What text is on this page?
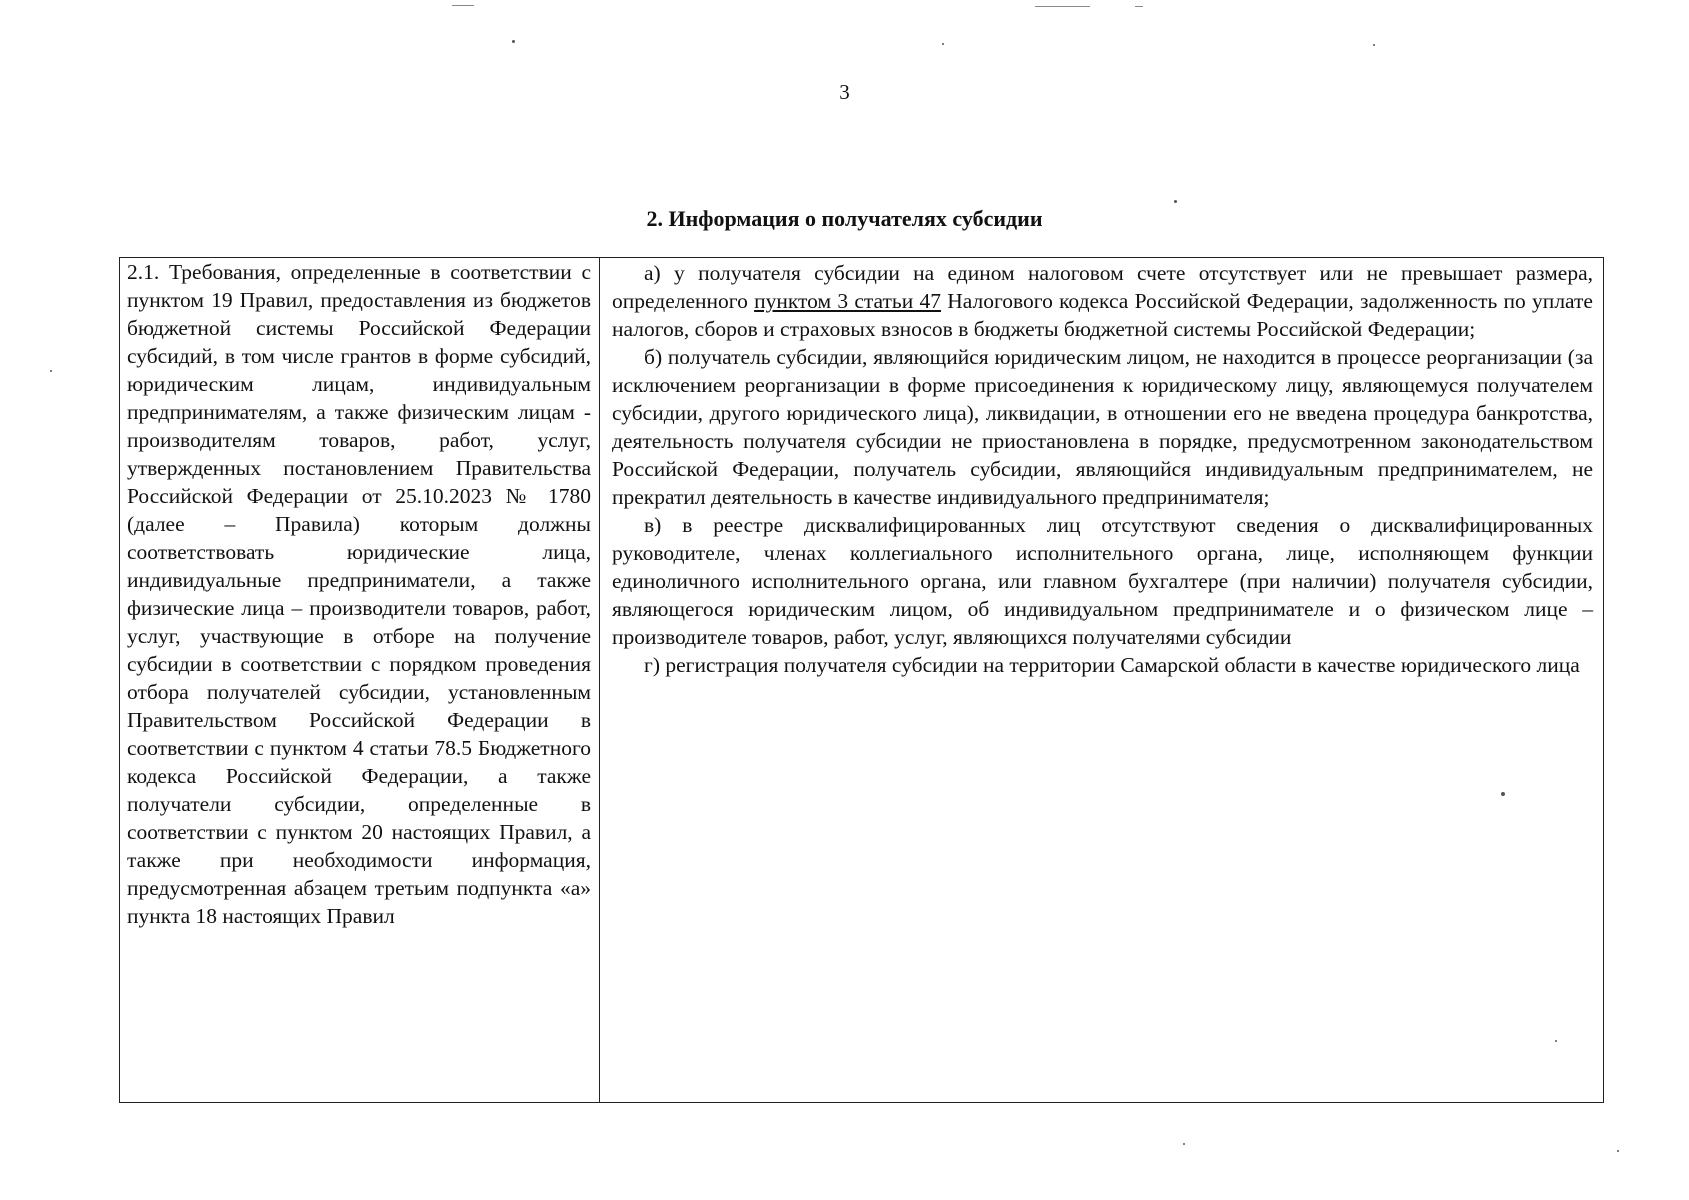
3
2. Информация о получателях субсидии

2.1. Требования, определенные в соответствии с пунктом 19 Правил, предоставления из бюджетов бюджетной системы Российской Федерации субсидий, в том числе грантов в форме субсидий, юридическим лицам, индивидуальным предпринимателям, а также физическим лицам - производителям товаров, работ, услуг, утвержденных постановлением Правительства Российской Федерации от 25.10.2023 № 1780 (далее – Правила) которым должны соответствовать юридические лица, индивидуальные предприниматели, а также физические лица – производители товаров, работ, услуг, участвующие в отборе на получение субсидии в соответствии с порядком проведения отбора получателей субсидии, установленным Правительством Российской Федерации в соответствии с пунктом 4 статьи 78.5 Бюджетного кодекса Российской Федерации, а также получатели субсидии, определенные в соответствии с пунктом 20 настоящих Правил, а также при необходимости информация, предусмотренная абзацем третьим подпункта «а» пункта 18 настоящих Правил

а) у получателя субсидии на едином налоговом счете отсутствует или не превышает размера, определенного пунктом 3 статьи 47 Налогового кодекса Российской Федерации, задолженность по уплате налогов, сборов и страховых взносов в бюджеты бюджетной системы Российской Федерации;

б) получатель субсидии, являющийся юридическим лицом, не находится в процессе реорганизации (за исключением реорганизации в форме присоединения к юридическому лицу, являющемуся получателем субсидии, другого юридического лица), ликвидации, в отношении его не введена процедура банкротства, деятельность получателя субсидии не приостановлена в порядке, предусмотренном законодательством Российской Федерации, получатель субсидии, являющийся индивидуальным предпринимателем, не прекратил деятельность в качестве индивидуального предпринимателя;

в) в реестре дисквалифицированных лиц отсутствуют сведения о дисквалифицированных руководителе, членах коллегиального исполнительного органа, лице, исполняющем функции единоличного исполнительного органа, или главном бухгалтере (при наличии) получателя субсидии, являющегося юридическим лицом, об индивидуальном предпринимателе и о физическом лице – производителе товаров, работ, услуг, являющихся получателями субсидии

г) регистрация получателя субсидии на территории Самарской области в качестве юридического лица
